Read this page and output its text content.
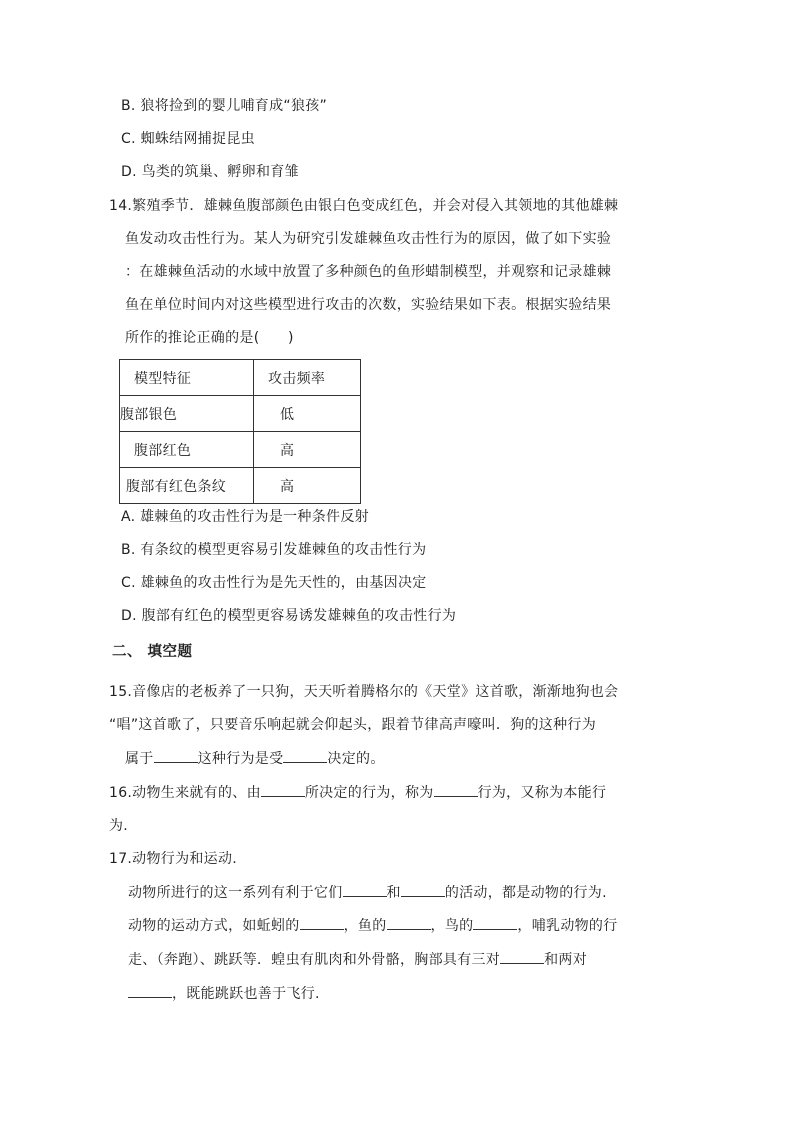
B. 狼将捡到的婴儿哺育成“狼孩”
C. 蜘蛛结网捕捉昆虫
D. 鸟类的筑巢、孵卵和育雏
14.繁殖季节．雄棘鱼腹部颜色由银白色变成红色，并会对侵入其领地的其他雄棘
鱼发动攻击性行为。某人为研究引发雄棘鱼攻击性行为的原因，做了如下实验
：在雄棘鱼活动的水域中放置了多种颜色的鱼形蜡制模型，并观察和记录雄棘
鱼在单位时间内对这些模型进行攻击的次数，实验结果如下表。根据实验结果
所作的推论正确的是(　　)
模型特征	攻击频率
腹部银色	低
腹部红色	高
腹部有红色条纹	高
A. 雄棘鱼的攻击性行为是一种条件反射
B. 有条纹的模型更容易引发雄棘鱼的攻击性行为
C. 雄棘鱼的攻击性行为是先天性的，由基因决定
D. 腹部有红色的模型更容易诱发雄棘鱼的攻击性行为
二、 填空题
15.音像店的老板养了一只狗，天天听着腾格尔的《天堂》这首歌，渐渐地狗也会
“唱”这首歌了，只要音乐响起就会仰起头，跟着节律高声嚎叫．狗的这种行为
属于	这种行为是受	决定的。
16.动物生来就有的、由	所决定的行为，称为	行为，又称为本能行
为.
17.动物行为和运动.
动物所进行的这一系列有利于它们	和	的活动，都是动物的行为.
动物的运动方式，如蚯蚓的	，鱼的	，鸟的	，哺乳动物的行
走、（奔跑）、跳跃等．蝗虫有肌肉和外骨骼，胸部具有三对	和两对
，既能跳跃也善于飞行.
